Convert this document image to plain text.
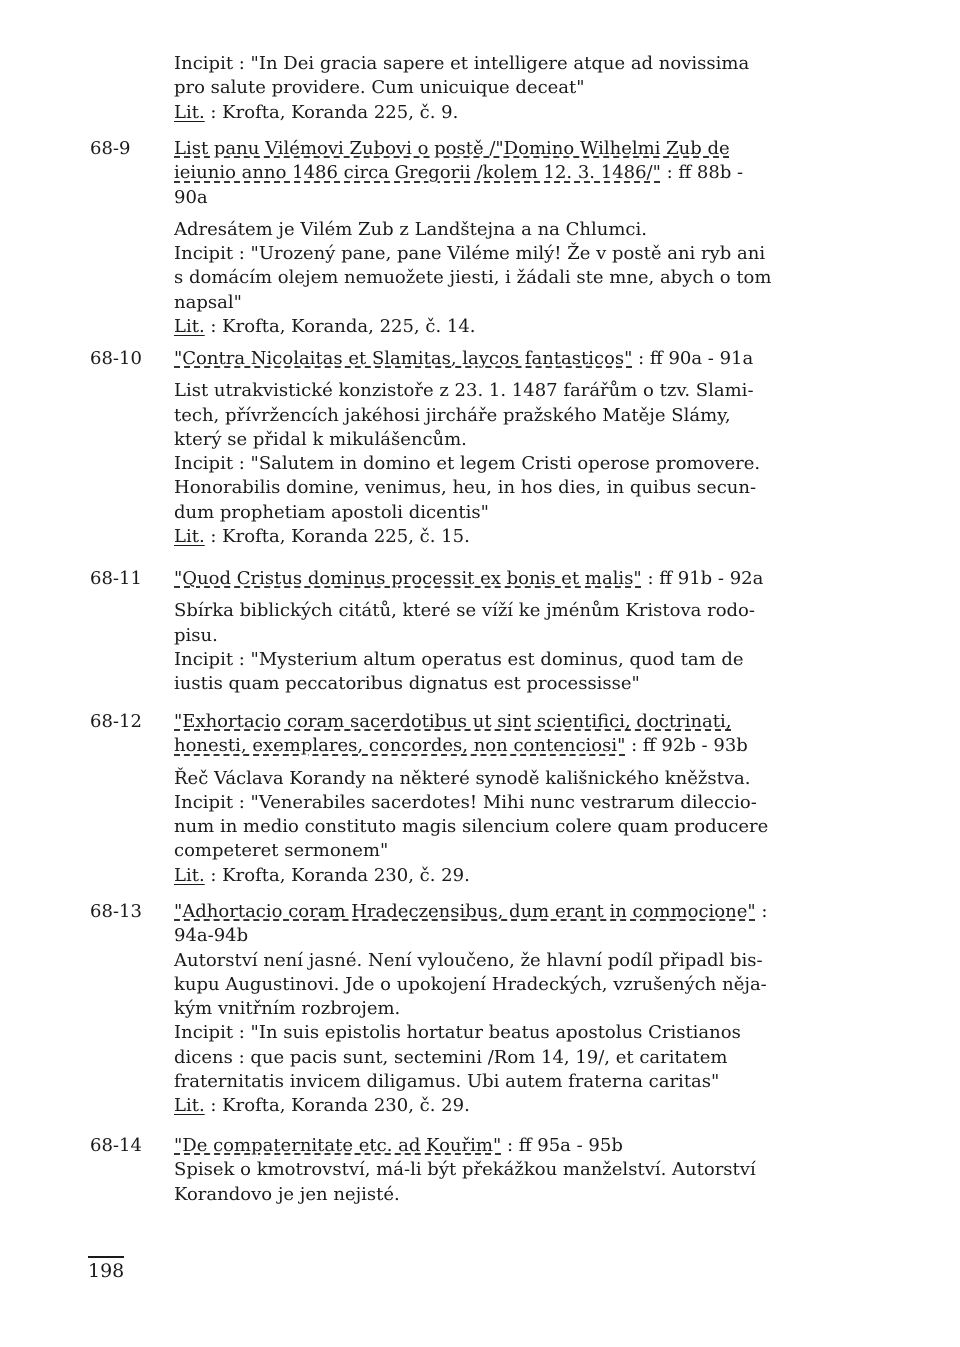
Incipit : "In Dei gracia sapere et intelligere atque ad novissima
pro salute providere. Cum unicuique deceat"
Lit. : Krofta, Koranda 225, č. 9.
68-9	List panu Vilémovi Zubovi o postě /"Domino Wilhelmi Zub de
ieiunio anno 1486 circa Gregorii /kolem 12. 3. 1486/" : ff 88b -
90a
Adresátem je Vilém Zub z Landštejna a na Chlumci.
Incipit : "Urozený pane, pane Viléme milý! Že v postě ani ryb ani
s domácím olejem nemuožete jiesti, i žádali ste mne, abych o tom
napsal"
Lit. : Krofta, Koranda, 225, č. 14.
68-10	"Contra Nicolaitas et Slamitas, laycos fantasticos" : ff 90a - 91a
List utrakvistické konzistoře z 23. 1. 1487 farářům o tzv. Slami-
tech, přívržencích jakéhosi jircháře pražského Matěje Slámy,
který se přidal k mikulášencům.
Incipit : "Salutem in domino et legem Cristi operose promovere.
Honorabilis domine, venimus, heu, in hos dies, in quibus secun-
dum prophetiam apostoli dicentis"
Lit. : Krofta, Koranda 225, č. 15.
68-11	"Quod Cristus dominus processit ex bonis et malis" : ff 91b - 92a
Sbírka biblických citátů, které se víží ke jménům Kristova rodo-
pisu.
Incipit : "Mysterium altum operatus est dominus, quod tam de
iustis quam peccatoribus dignatus est processisse"
68-12	"Exhortacio coram sacerdotibus ut sint scientifici, doctrinati,
honesti, exemplares, concordes, non contenciosi" : ff 92b - 93b
Řeč Václava Korandy na některé synodě kališnického kněžstva.
Incipit : "Venerabiles sacerdotes! Mihi nunc vestrarum dileccio-
num in medio constituto magis silencium colere quam producere
competeret sermonem"
Lit. : Krofta, Koranda 230, č. 29.
68-13	"Adhortacio coram Hradeczensibus, dum erant in commocione" :
94a-94b
Autorství není jasné. Není vyloučeno, že hlavní podíl připadl bis-
kupu Augustinovi. Jde o upokojení Hradeckých, vzrušených něja-
kým vnitřním rozbrojem.
Incipit : "In suis epistolis hortatur beatus apostolus Cristianos
dicens : que pacis sunt, sectemini /Rom 14, 19/, et caritatem
fraternitatis invicem diligamus. Ubi autem fraterna caritas"
Lit. : Krofta, Koranda 230, č. 29.
68-14	"De compaternitate etc. ad Kouřim" : ff 95a - 95b
Spisek o kmotrovství, má-li být překážkou manželství. Autorství
Korandovo je jen nejisté.
198
